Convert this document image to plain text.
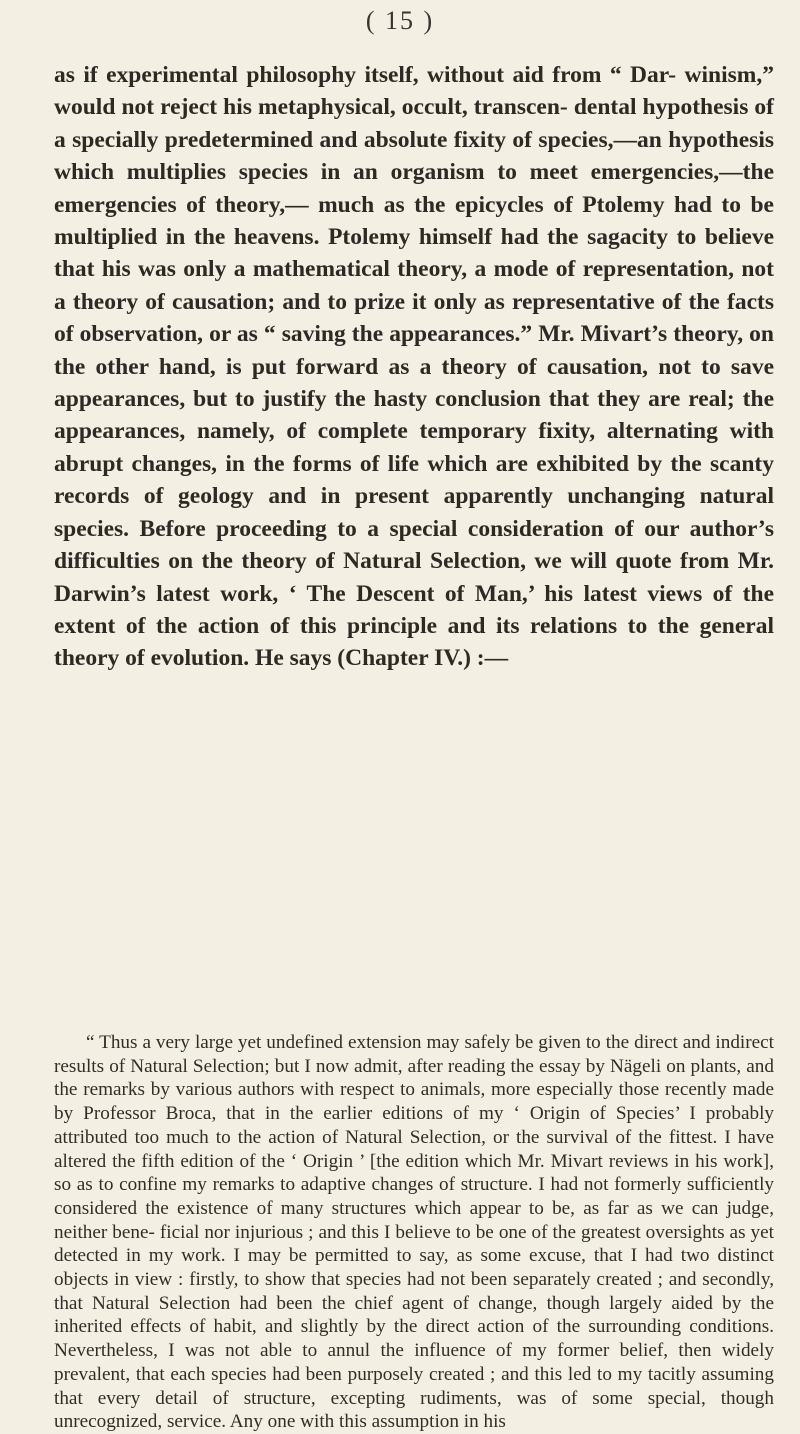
( 15 )

as if experimental philosophy itself, without aid from “ Dar- winism,” would not reject his metaphysical, occult, transcen- dental hypothesis of a specially predetermined and absolute fixity of species,—an hypothesis which multiplies species in an organism to meet emergencies,—the emergencies of theory,— much as the epicycles of Ptolemy had to be multiplied in the heavens. Ptolemy himself had the sagacity to believe that his was only a mathematical theory, a mode of representation, not a theory of causation; and to prize it only as representative of the facts of observation, or as “ saving the appearances.” Mr. Mivart’s theory, on the other hand, is put forward as a theory of causation, not to save appearances, but to justify the hasty conclusion that they are real; the appearances, namely, of complete temporary fixity, alternating with abrupt changes, in the forms of life which are exhibited by the scanty records of geology and in present apparently unchanging natural species. Before proceeding to a special consideration of our author’s difficulties on the theory of Natural Selection, we will quote from Mr. Darwin’s latest work, ‘ The Descent of Man,’ his latest views of the extent of the action of this principle and its relations to the general theory of evolution. He says (Chapter IV.) :—

“ Thus a very large yet undefined extension may safely be given to the direct and indirect results of Natural Selection; but I now admit, after reading the essay by Nägeli on plants, and the remarks by various authors with respect to animals, more especially those recently made by Professor Broca, that in the earlier editions of my ‘ Origin of Species’ I probably attributed too much to the action of Natural Selection, or the survival of the fittest. I have altered the fifth edition of the ‘ Origin ’ [the edition which Mr. Mivart reviews in his work], so as to confine my remarks to adaptive changes of structure. I had not formerly sufficiently considered the existence of many structures which appear to be, as far as we can judge, neither bene- ficial nor injurious ; and this I believe to be one of the greatest oversights as yet detected in my work. I may be permitted to say, as some excuse, that I had two distinct objects in view : firstly, to show that species had not been separately created ; and secondly, that Natural Selection had been the chief agent of change, though largely aided by the inherited effects of habit, and slightly by the direct action of the surrounding conditions. Nevertheless, I was not able to annul the influence of my former belief, then widely prevalent, that each species had been purposely created ; and this led to my tacitly assuming that every detail of structure, excepting rudiments, was of some special, though unrecognized, service. Any one with this assumption in his
